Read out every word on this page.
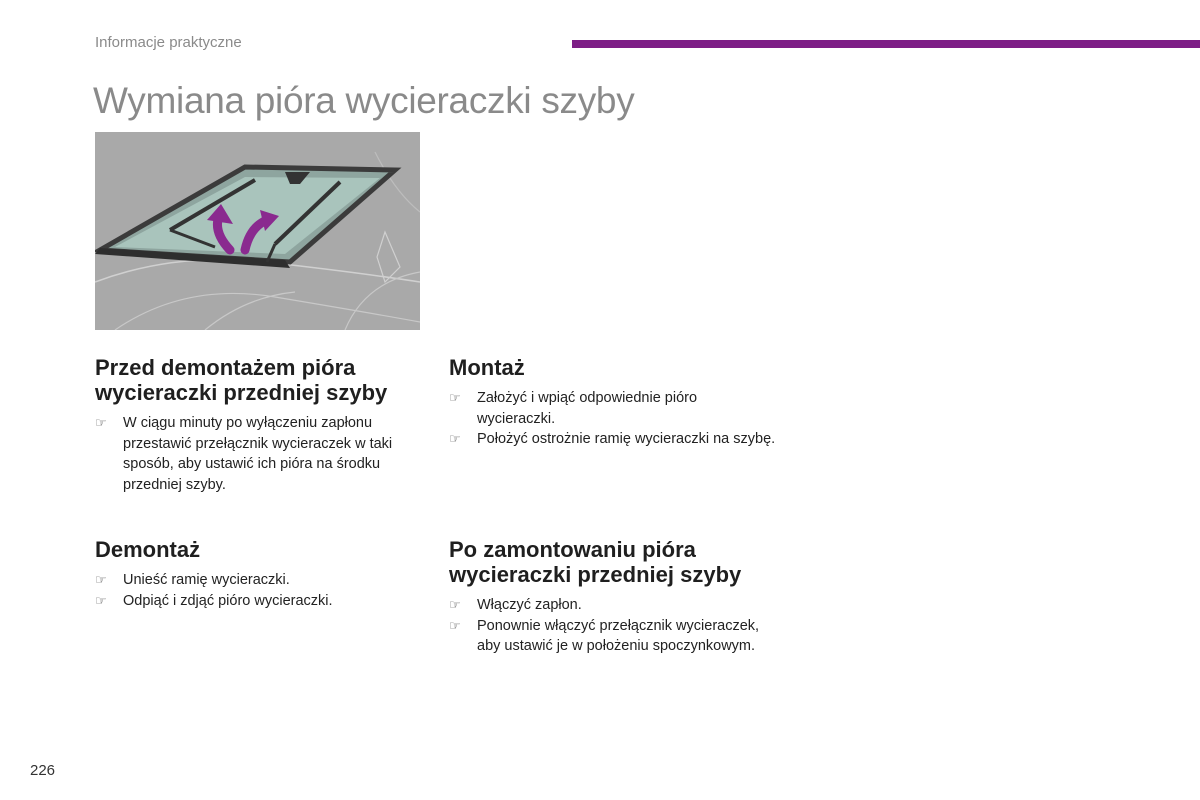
Informacje praktyczne
Wymiana pióra wycieraczki szyby
Przed demontażem pióra wycieraczki przedniej szyby
☞	W ciągu minuty po wyłączeniu zapłonu przestawić przełącznik wycieraczek w taki sposób, aby ustawić ich pióra na środku przedniej szyby.
Montaż
☞	Założyć i wpiąć odpowiednie pióro wycieraczki.
☞	Położyć ostrożnie ramię wycieraczki na szybę.
Demontaż
☞	Unieść ramię wycieraczki.
☞	Odpiąć i zdjąć pióro wycieraczki.
Po zamontowaniu pióra wycieraczki przedniej szyby
☞	Włączyć zapłon.
☞	Ponownie włączyć przełącznik wycieraczek, aby ustawić je w położeniu spoczynkowym.
226
